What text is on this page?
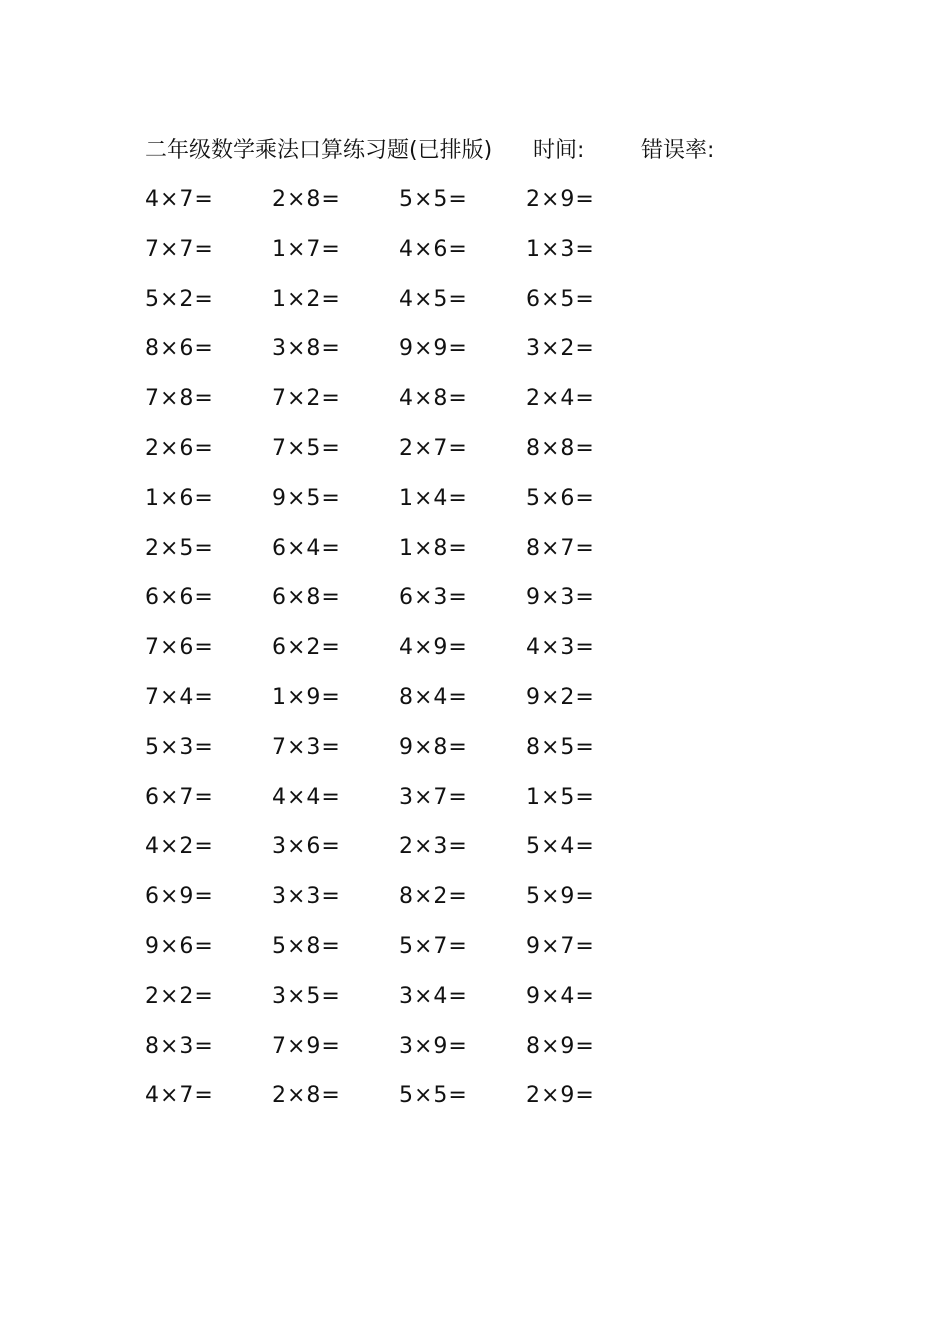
二年级数学乘法口算练习题(已排版) 时间:	错误率:
4×7=	2×8=	5×5=	2×9=
7×7=	1×7=	4×6=	1×3=
5×2=	1×2=	4×5=	6×5=
8×6=	3×8=	9×9=	3×2=
7×8=	7×2=	4×8=	2×4=
2×6=	7×5=	2×7=	8×8=
1×6=	9×5=	1×4=	5×6=
2×5=	6×4=	1×8=	8×7=
6×6=	6×8=	6×3=	9×3=
7×6=	6×2=	4×9=	4×3=
7×4=	1×9=	8×4=	9×2=
5×3=	7×3=	9×8=	8×5=
6×7=	4×4=	3×7=	1×5=
4×2=	3×6=	2×3=	5×4=
6×9=	3×3=	8×2=	5×9=
9×6=	5×8=	5×7=	9×7=
2×2=	3×5=	3×4=	9×4=
8×3=	7×9=	3×9=	8×9=
4×7=	2×8=	5×5=	2×9=
